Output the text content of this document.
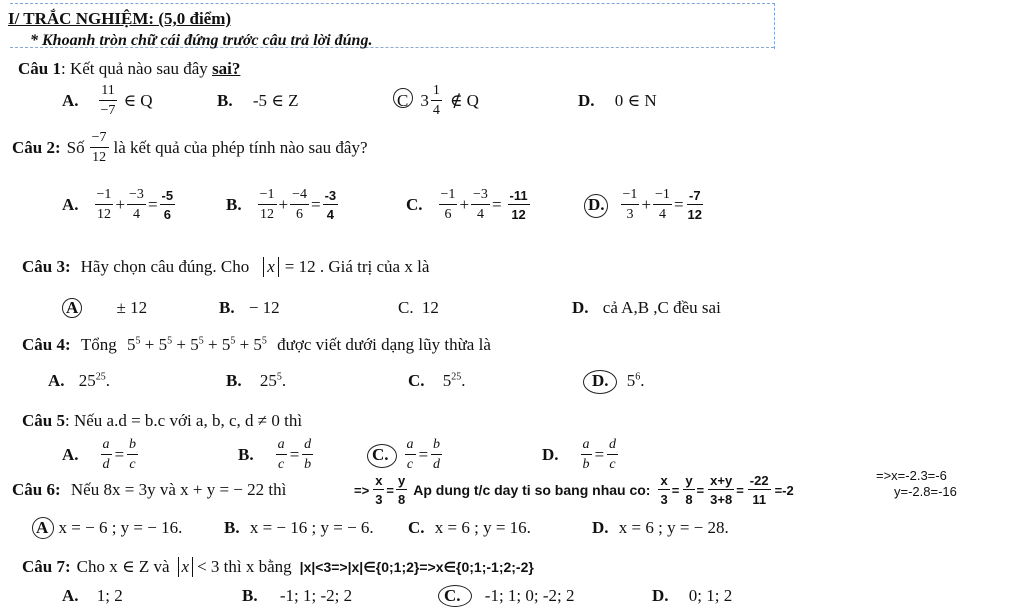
I/ TRẮC NGHIỆM: (5,0 điểm)
* Khoanh tròn chữ cái đứng trước câu trả lời đúng.
Câu 1: Kết quả nào sau đây sai?
A. $\frac{11}{-7}$ ∈ Q	B. -5 ∈ Z	C $3 \frac{1}{4}$ ∉ Q	D. 0 ∈ N
Câu 2: Số $\frac{-7}{12}$ là kết quả của phép tính nào sau đây?
A. $\frac{-1}{12} + \frac{-3}{4} = \frac{-5}{6}$	B. $\frac{-1}{12} + \frac{-4}{6} = \frac{-3}{4}$	C. $\frac{-1}{6} + \frac{-3}{4} = \frac{-11}{12}$	D. $\frac{-1}{3} + \frac{-1}{4} = \frac{-7}{12}$
Câu 3: Hãy chọn câu đúng. Cho x = 12 . Giá trị của x là
A ± 12	B. − 12	C. 12	D. cả A,B ,C đều sai
Câu 4: Tổng $5^5 + 5^5 + 5^5 + 5^5 + 5^5$ được viết dưới dạng lũy thừa là
A. $25^{25}$.	B. $25^5$.	C. $5^{25}$.	D. $5^6$.
Câu 5: Nếu a.d = b.c với a, b, c, d ≠ 0 thì
A. $\frac{a}{d} = \frac{b}{c}$	B. $\frac{a}{c} = \frac{d}{b}$	C. $\frac{a}{c} = \frac{b}{d}$	D. $\frac{a}{b} = \frac{d}{c}$
Câu 6: Nếu 8x = 3y và x + y = − 22 thì	=> $\frac{x}{3} = \frac{y}{8}$ Ap dung t/c day ti so bang nhau co: $\frac{x}{3} = \frac{y}{8} = \frac{x+y}{3+8} = \frac{-22}{11} =-2$
=>x=-2.3=-6
y=-2.8=-16
A x = − 6 ; y = − 16. B. x = − 16 ; y = − 6. C. x = 6 ; y = 16.	D. x = 6 ; y = − 28.
Câu 7: Cho x ∈ Z và x < 3 thì x bằng |x|<3=>|x|∈{0;1;2}=>x∈{0;1;-1;2;-2}
A. 1; 2	B. -1; 1; -2; 2	C. -1; 1; 0; -2; 2	D. 0; 1; 2
